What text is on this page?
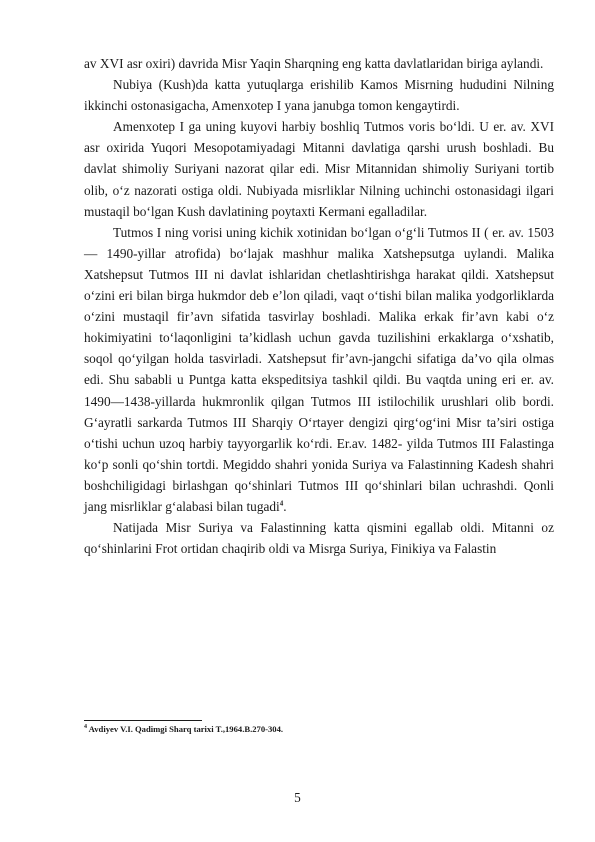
av XVI asr oxiri) davrida Misr Yaqin Sharqning eng katta davlatlaridan biriga aylandi.

Nubiya (Kush)da katta yutuqlarga erishilib Kamos Misrning hududini Nilning ikkinchi ostonasigacha, Amenxotep I yana janubga tomon kengaytirdi.

Amenxotep I ga uning kuyovi harbiy boshliq Tutmos voris bo‘ldi. U er. av. XVI asr oxirida Yuqori Mesopotamiyadagi Mitanni davlatiga qarshi urush boshladi. Bu davlat shimoliy Suriyani nazorat qilar edi. Misr Mitannidan shimoliy Suriyani tortib olib, o‘z nazorati ostiga oldi. Nubiyada misrliklar Nilning uchinchi ostonasidagi ilgari mustaqil bo‘lgan Kush davlatining poytaxti Kermani egalladilar.

Tutmos I ning vorisi uning kichik xotinidan bo‘lgan o‘g‘li Tutmos II ( er. av. 1503— 1490-yillar atrofida) bo‘lajak mashhur malika Xatshepsutga uylandi. Malika Xatshepsut Tutmos III ni davlat ishlaridan chetlashtirishga harakat qildi. Xatshepsut o‘zini eri bilan birga hukmdor deb e’lon qiladi, vaqt o‘tishi bilan malika yodgorliklarda o‘zini mustaqil fir’avn sifatida tasvirlay boshladi. Malika erkak fir’avn kabi o‘z hokimiyatini to‘laqonligini ta’kidlash uchun gavda tuzilishini erkaklarga o‘xshatib, soqol qo‘yilgan holda tasvirladi. Xatshepsut fir’avn-jangchi sifatiga da’vo qila olmas edi. Shu sababli u Puntga katta ekspeditsiya tashkil qildi. Bu vaqtda uning eri er. av. 1490—1438-yillarda hukmronlik qilgan Tutmos III istilochilik urushlari olib bordi. G‘ayratli sarkarda Tutmos III Sharqiy O‘rtayer dengizi qirg‘og‘ini Misr ta’siri ostiga o‘tishi uchun uzoq harbiy tayyorgarlik ko‘rdi. Er.av. 1482- yilda Tutmos III Falastinga ko‘p sonli qo‘shin tortdi. Megiddo shahri yonida Suriya va Falastinning Kadesh shahri boshchiligidagi birlashgan qo‘shinlari Tutmos III qo‘shinlari bilan uchrashdi. Qonli jang misrliklar g‘alabasi bilan tugadi$^4$.

Natijada Misr Suriya va Falastinning katta qismini egallab oldi. Mitanni oz qo‘shinlarini Frot ortidan chaqirib oldi va Misrga Suriya, Finikiya va Falastin

$^4$ Avdiyev V.I. Qadimgi Sharq tarixi T.,1964.B.270-304.
5
